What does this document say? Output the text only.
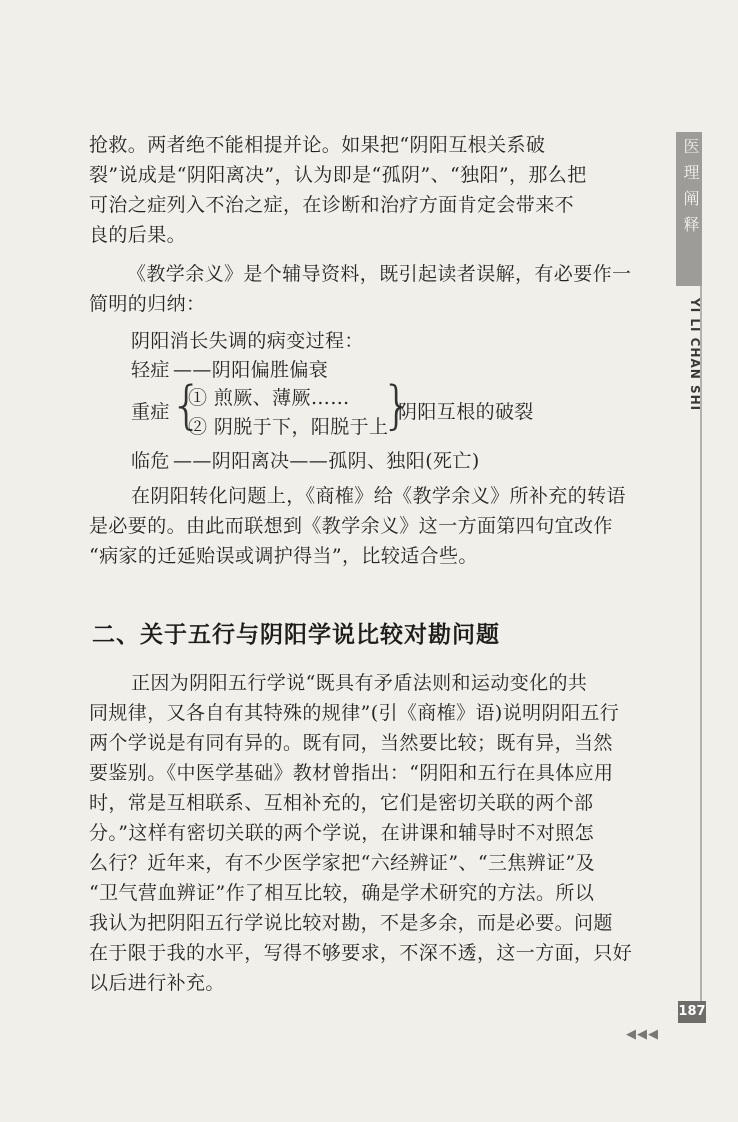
抢救。两者绝不能相提并论。如果把“阴阳互根关系破
裂”说成是“阴阳离决”，认为即是“孤阴”、“独阳”，那么把
可治之症列入不治之症，在诊断和治疗方面肯定会带来不
良的后果。
《教学余义》是个辅导资料，既引起读者误解，有必要作一
简明的归纳：
阴阳消长失调的病变过程：
轻症 ——阴阳偏胜偏衰
重症 {
① 煎厥、薄厥……
② 阴脱于下，阳脱于上
}
阴阳互根的破裂
临危 ——阴阳离决——孤阴、独阳(死亡)
在阴阳转化问题上，《商榷》给《教学余义》所补充的转语
是必要的。由此而联想到《教学余义》这一方面第四句宜改作
“病家的迁延贻误或调护得当”，比较适合些。
二、关于五行与阴阳学说比较对勘问题
正因为阴阳五行学说“既具有矛盾法则和运动变化的共
同规律，又各自有其特殊的规律”(引《商榷》语)说明阴阳五行
两个学说是有同有异的。既有同，当然要比较；既有异，当然
要鉴别。《中医学基础》教材曾指出：“阴阳和五行在具体应用
时，常是互相联系、互相补充的，它们是密切关联的两个部
分。”这样有密切关联的两个学说，在讲课和辅导时不对照怎
么行？近年来，有不少医学家把“六经辨证”、“三焦辨证”及
“卫气营血辨证”作了相互比较，确是学术研究的方法。所以
我认为把阴阳五行学说比较对勘，不是多余，而是必要。问题
在于限于我的水平，写得不够要求，不深不透，这一方面，只好
以后进行补充。
医理阐释
YI LI CHAN SHI
187
◀◀◀
